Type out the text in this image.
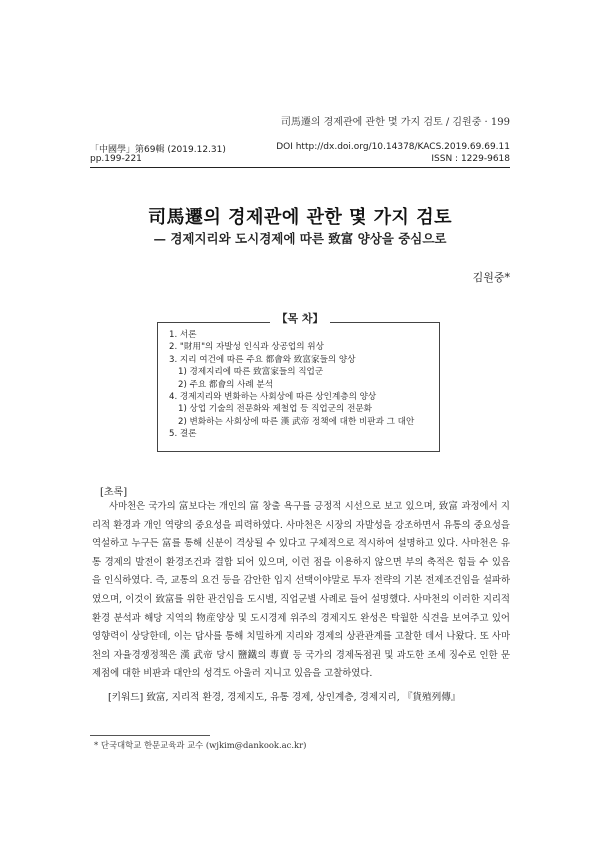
司馬遷의 경제관에 관한 몇 가지 검토 / 김원중 · 199
「中國學」第69輯 (2019.12.31)
pp.199-221
DOI http://dx.doi.org/10.14378/KACS.2019.69.69.11
ISSN : 1229-9618
司馬遷의 경제관에 관한 몇 가지 검토
— 경제지리와 도시경제에 따른 致富 양상을 중심으로
김원중*
【목 차】
1. 서론
2. "財用"의 자발성 인식과 상공업의 위상
3. 지리 여건에 따른 주요 都會와 致富家들의 양상
1) 경제지리에 따른 致富家들의 직업군
2) 주요 都會의 사례 분석
4. 경제지리와 변화하는 사회상에 따른 상인계층의 양상
1) 상업 기술의 전문화와 제철업 등 직업군의 전문화
2) 변화하는 사회상에 따른 漢 武帝 정책에 대한 비판과 그 대안
5. 결론
[초록]

사마천은 국가의 富보다는 개인의 富 창출 욕구를 긍정적 시선으로 보고 있으며, 致富 과정에서 지리적 환경과 개인 역량의 중요성을 피력하였다. 사마천은 시장의 자발성을 강조하면서 유통의 중요성을 역설하고 누구든 富를 통해 신분이 격상될 수 있다고 구체적으로 적시하여 설명하고 있다. 사마천은 유통 경제의 발전이 환경조건과 결합 되어 있으며, 이런 점을 이용하지 않으면 부의 축적은 힘들 수 있음을 인식하였다. 즉, 교통의 요건 등을 감안한 입지 선택이야말로 투자 전략의 기본 전제조건임을 설파하였으며, 이것이 致富를 위한 관건임을 도시별, 직업군별 사례로 들어 설명했다. 사마천의 이러한 지리적 환경 분석과 해당 지역의 物産양상 및 도시경제 위주의 경제지도 완성은 탁월한 식견을 보여주고 있어 영향력이 상당한데, 이는 답사를 통해 치밀하게 지리와 경제의 상관관계를 고찰한 데서 나왔다. 또 사마천의 자율경쟁정책은 漢 武帝 당시 鹽鐵의 專賣 등 국가의 경제독점권 및 과도한 조세 징수로 인한 문제점에 대한 비판과 대안의 성격도 아울러 지니고 있음을 고찰하였다.

[키워드] 致富, 지리적 환경, 경제지도, 유통 경제, 상인계층, 경제지리, 『貨殖列傳』
* 단국대학교 한문교육과 교수 (wjkim@dankook.ac.kr)
